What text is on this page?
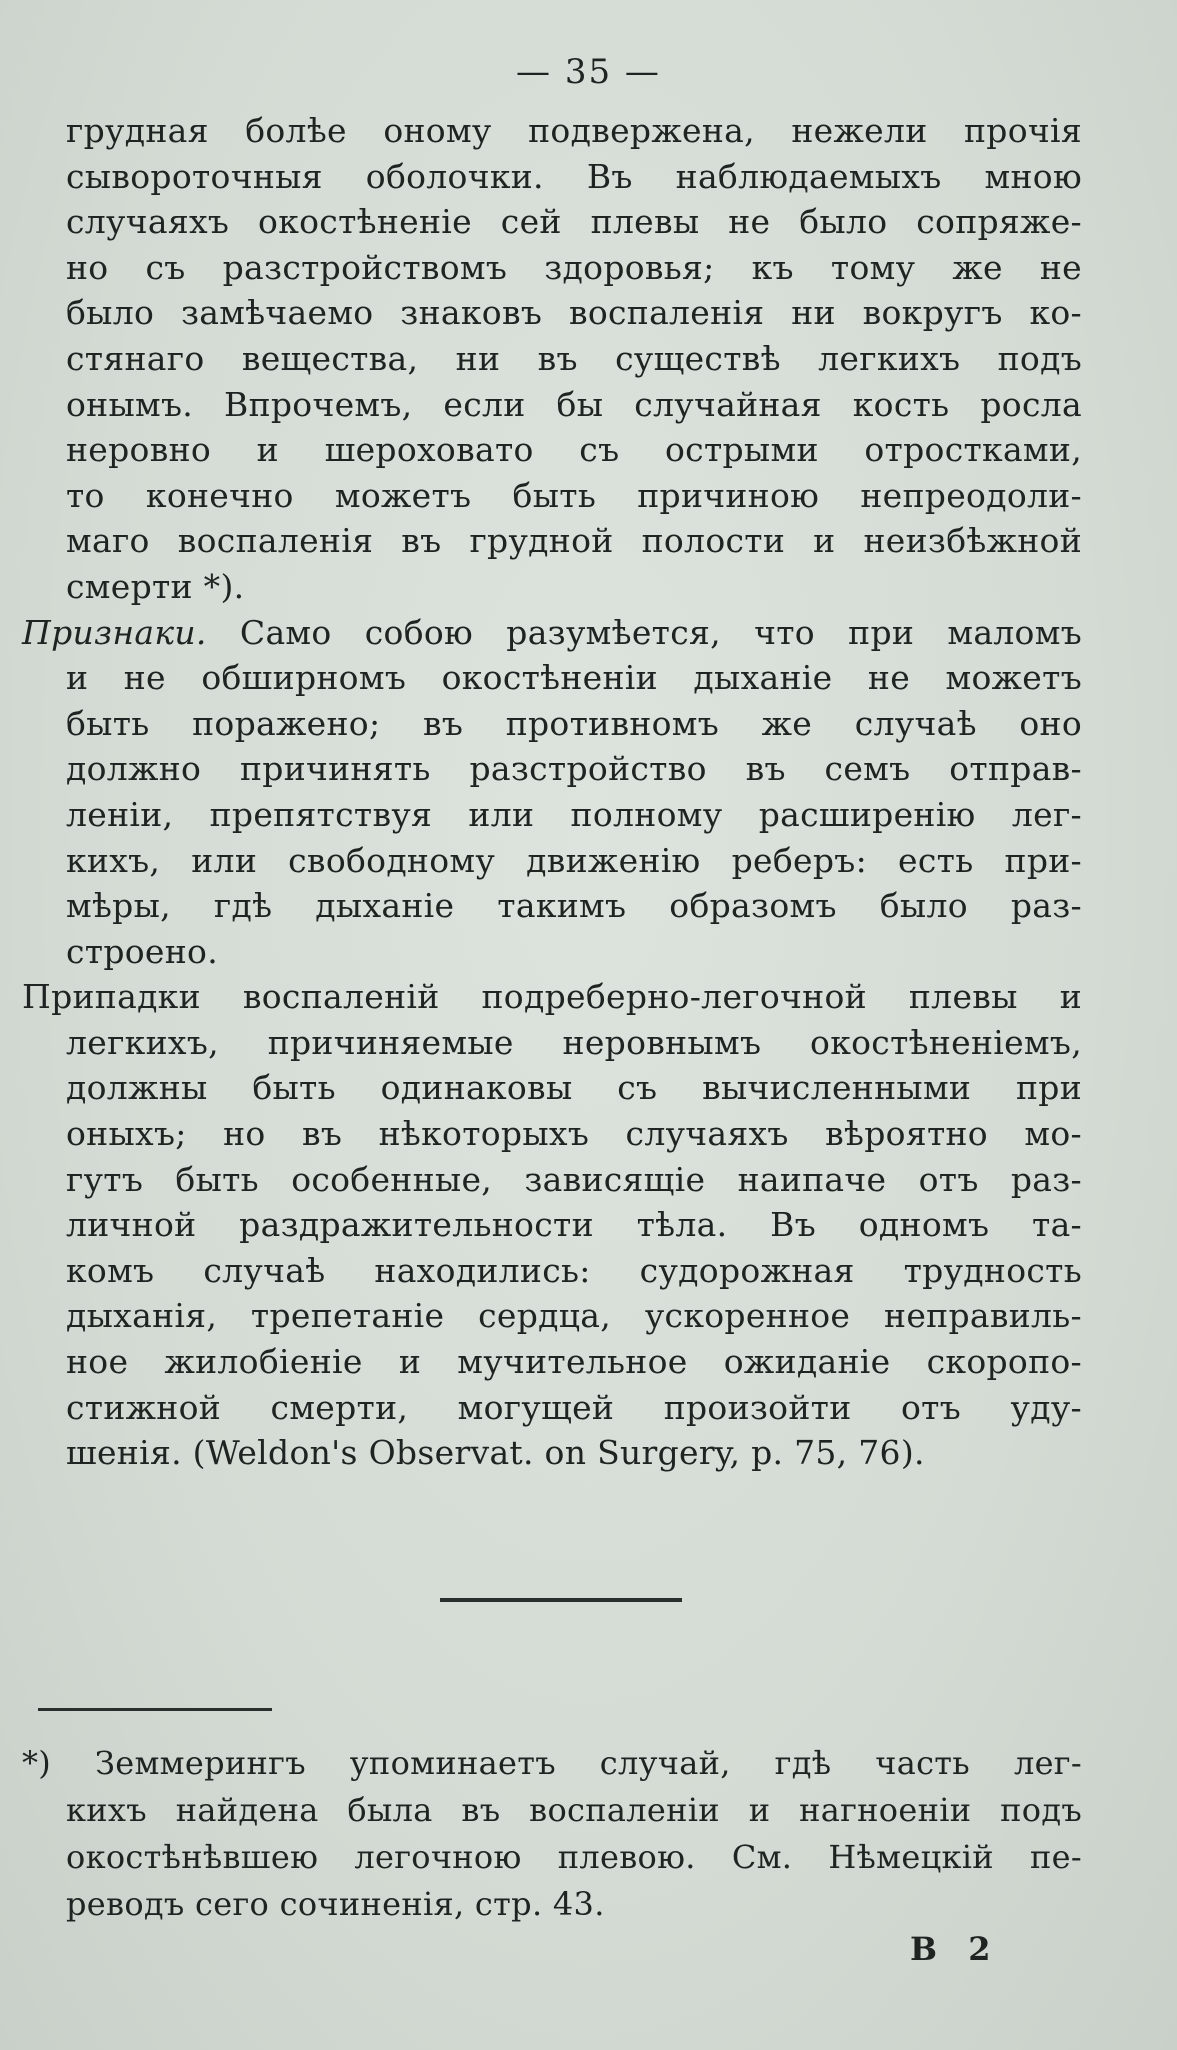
— 35 —
грудная болѣе оному подвержена, нежели прочія
сывороточныя оболочки. Въ наблюдаемыхъ мною
случаяхъ окостѣненіе сей плевы не было сопряже-
но съ разстройствомъ здоровья; къ тому же не
было замѣчаемо знаковъ воспаленія ни вокругъ ко-
стянаго вещества, ни въ существѣ легкихъ подъ
онымъ. Впрочемъ, если бы случайная кость росла
неровно и шероховато съ острыми отростками,
то конечно можетъ быть причиною непреодоли-
маго воспаленія въ грудной полости и неизбѣжной
смерти *).
Признаки. Само собою разумѣется, что при маломъ
и не обширномъ окостѣненіи дыханіе не можетъ
быть поражено; въ противномъ же случаѣ оно
должно причинять разстройство въ семъ отправ-
леніи, препятствуя или полному расширенію лег-
кихъ, или свободному движенію реберъ: есть при-
мѣры, гдѣ дыханіе такимъ образомъ было раз-
строено.
Припадки воспаленій подреберно-легочной плевы и
легкихъ, причиняемые неровнымъ окостѣненіемъ,
должны быть одинаковы съ вычисленными при
оныхъ; но въ нѣкоторыхъ случаяхъ вѣроятно мо-
гутъ быть особенные, зависящіе наипаче отъ раз-
личной раздражительности тѣла. Въ одномъ та-
комъ случаѣ находились: судорожная трудность
дыханія, трепетаніе сердца, ускоренное неправиль-
ное жилобіеніе и мучительное ожиданіе скоропо-
стижной смерти, могущей произойти отъ уду-
шенія. (Weldon's Observat. on Surgery, p. 75, 76).
*) Земмерингъ упоминаетъ случай, гдѣ часть лег-
кихъ найдена была въ воспаленіи и нагноеніи подъ
окостѣнѣвшею легочною плевою. См. Нѣмецкій пе-
реводъ сего сочиненія, стр. 43.
В 2
